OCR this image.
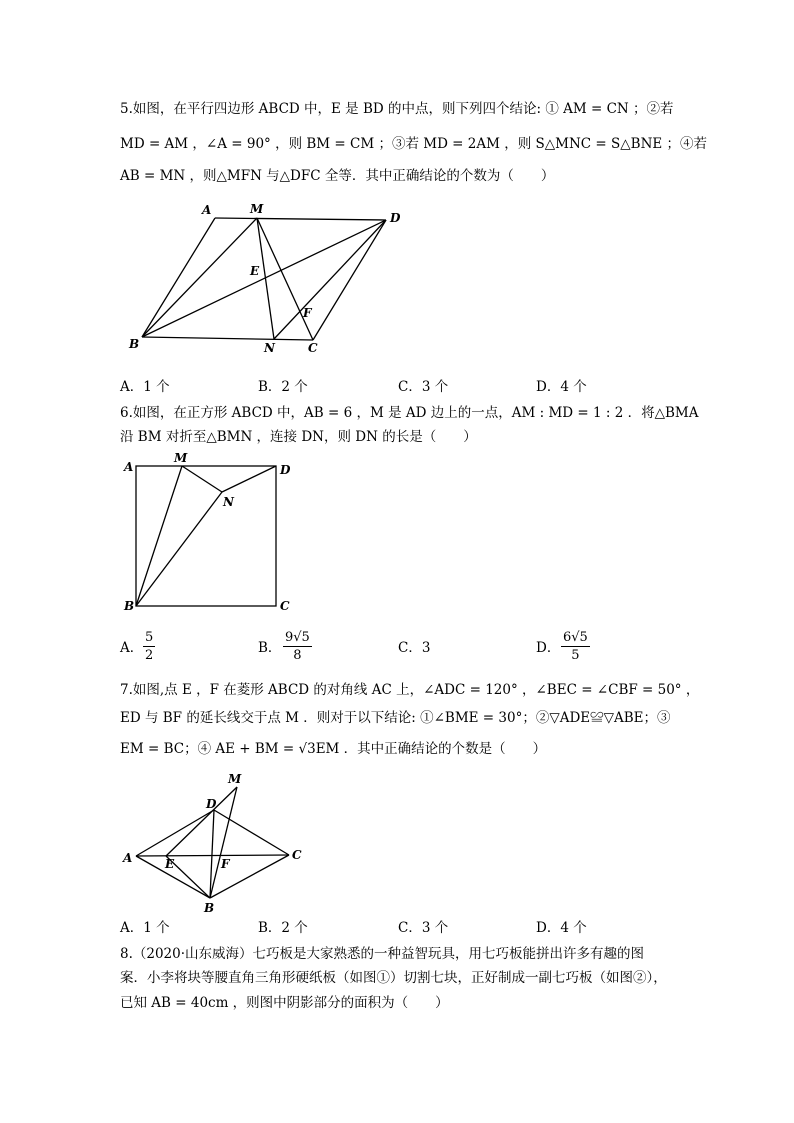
5.如图，在平行四边形 ABCD 中，E 是 BD 的中点，则下列四个结论: ① AM = CN ；②若
MD = AM ，∠A = 90° ，则 BM = CM ；③若 MD = 2AM ，则 S△MNC = S△BNE ；④若
AB = MN ，则△MFN 与△DFC 全等．其中正确结论的个数为（　　）
A	M
D
E
F
B	N	C
A．1 个	B．2 个	C．3 个	D．4 个
6.如图，在正方形 ABCD 中，AB = 6 ，M 是 AD 边上的一点，AM : MD = 1 : 2 ．将△BMA
沿 BM 对折至△BMN ，连接 DN，则 DN 的长是（　　）
A
M
D
N
B	C
A． $\frac{5}{2}$	B． $\frac{9√5}{8}$	C．3	D． $\frac{6√5}{5}$
7.如图,点 E ，F 在菱形 ABCD 的对角线 AC 上，∠ADC = 120° ，∠BEC = ∠CBF = 50° ，
ED 与 BF 的延长线交于点 M ．则对于以下结论: ①∠BME = 30°；②▽ADE≌▽ABE；③
EM = BC；④ AE + BM = √3EM ．其中正确结论的个数是（　　）
M
D
A	E	F
C
B
A．1 个	B．2 个	C．3 个	D．4 个
8.（2020·山东威海）七巧板是大家熟悉的一种益智玩具，用七巧板能拼出许多有趣的图
案．小李将块等腰直角三角形硬纸板（如图①）切割七块，正好制成一副七巧板（如图②），
已知 AB = 40cm ，则图中阴影部分的面积为（　　）
